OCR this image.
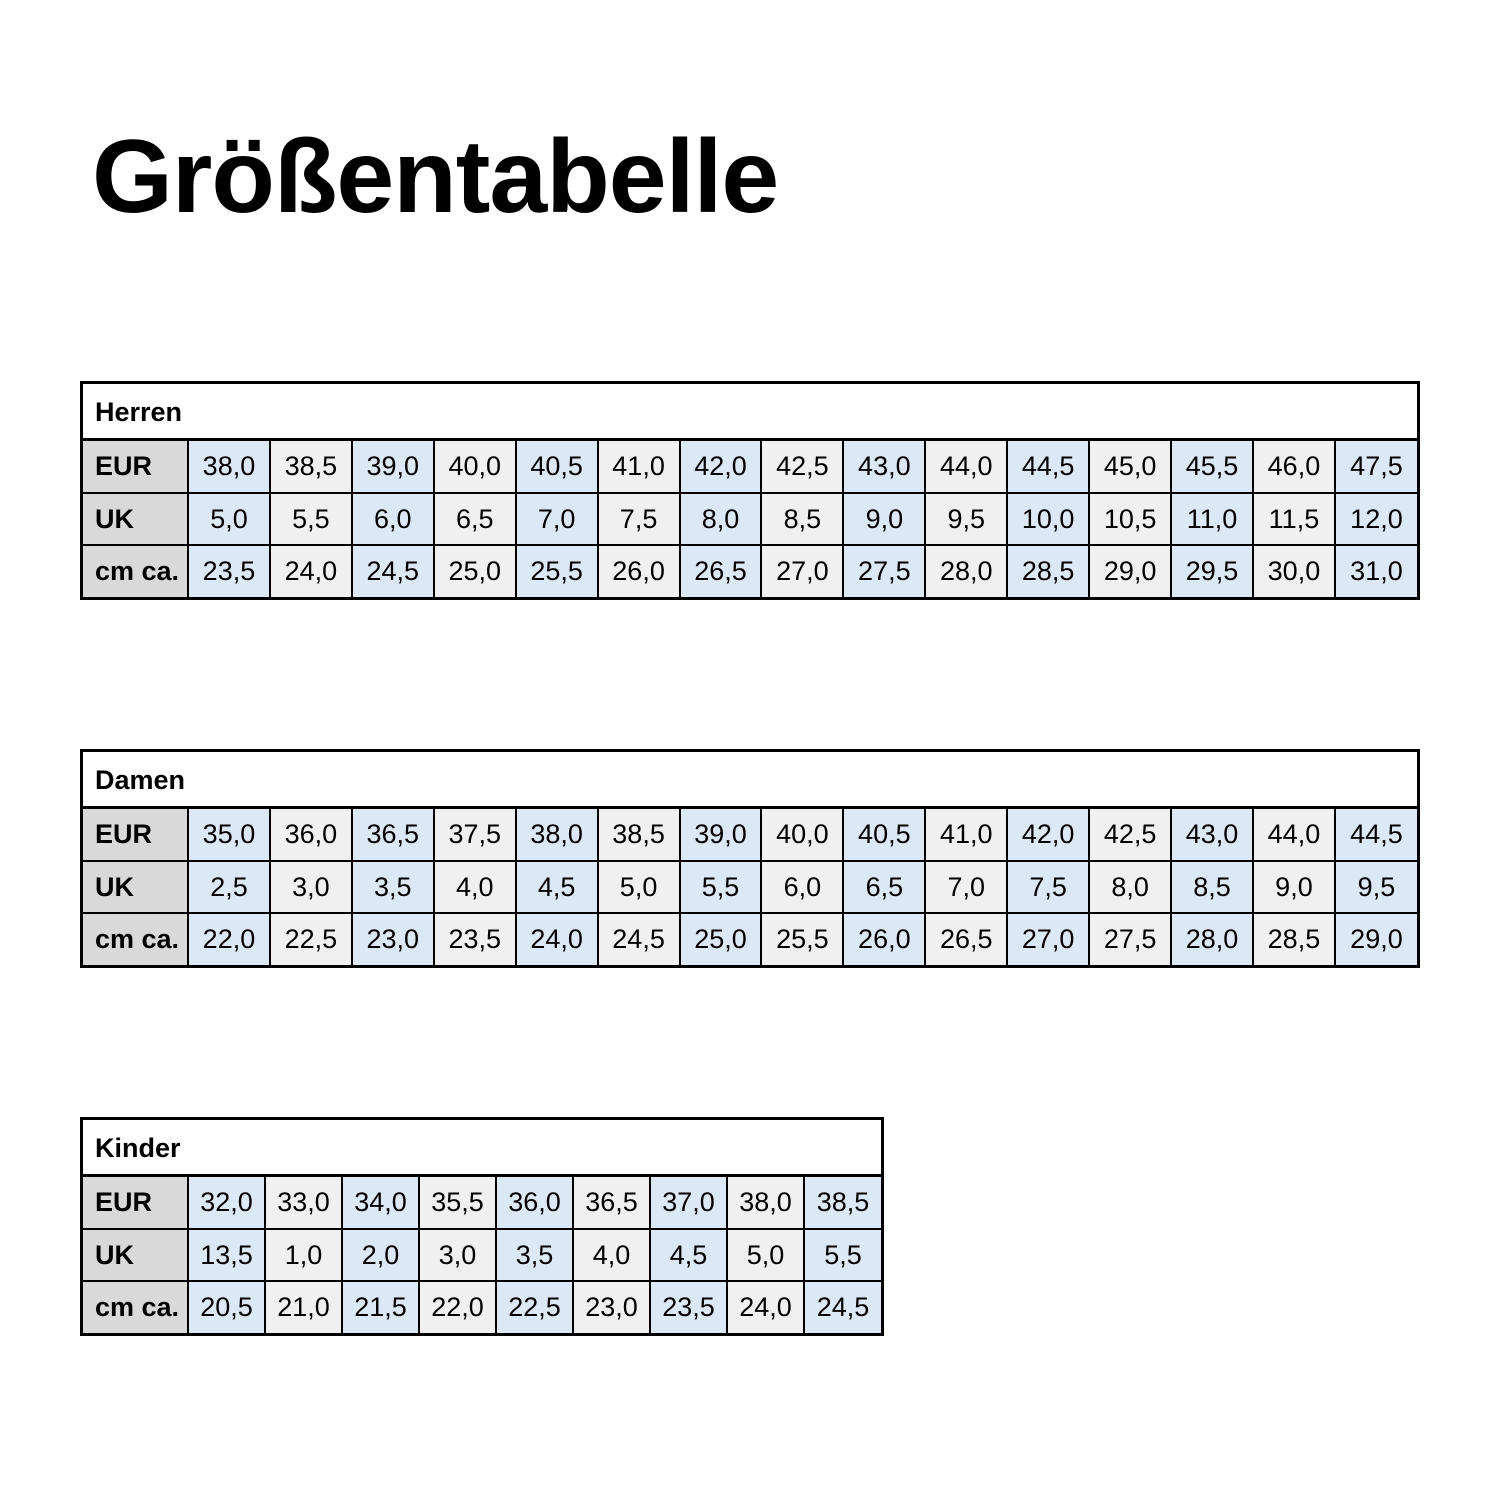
Größentabelle
Herren
EUR	38,0	38,5	39,0	40,0	40,5	41,0	42,0	42,5	43,0	44,0	44,5	45,0	45,5	46,0	47,5
UK	5,0	5,5	6,0	6,5	7,0	7,5	8,0	8,5	9,0	9,5	10,0	10,5	11,0	11,5	12,0
cm ca.	23,5	24,0	24,5	25,0	25,5	26,0	26,5	27,0	27,5	28,0	28,5	29,0	29,5	30,0	31,0
Damen
EUR	35,0	36,0	36,5	37,5	38,0	38,5	39,0	40,0	40,5	41,0	42,0	42,5	43,0	44,0	44,5
UK	2,5	3,0	3,5	4,0	4,5	5,0	5,5	6,0	6,5	7,0	7,5	8,0	8,5	9,0	9,5
cm ca.	22,0	22,5	23,0	23,5	24,0	24,5	25,0	25,5	26,0	26,5	27,0	27,5	28,0	28,5	29,0
Kinder
EUR	32,0	33,0	34,0	35,5	36,0	36,5	37,0	38,0	38,5
UK	13,5	1,0	2,0	3,0	3,5	4,0	4,5	5,0	5,5
cm ca.	20,5	21,0	21,5	22,0	22,5	23,0	23,5	24,0	24,5
